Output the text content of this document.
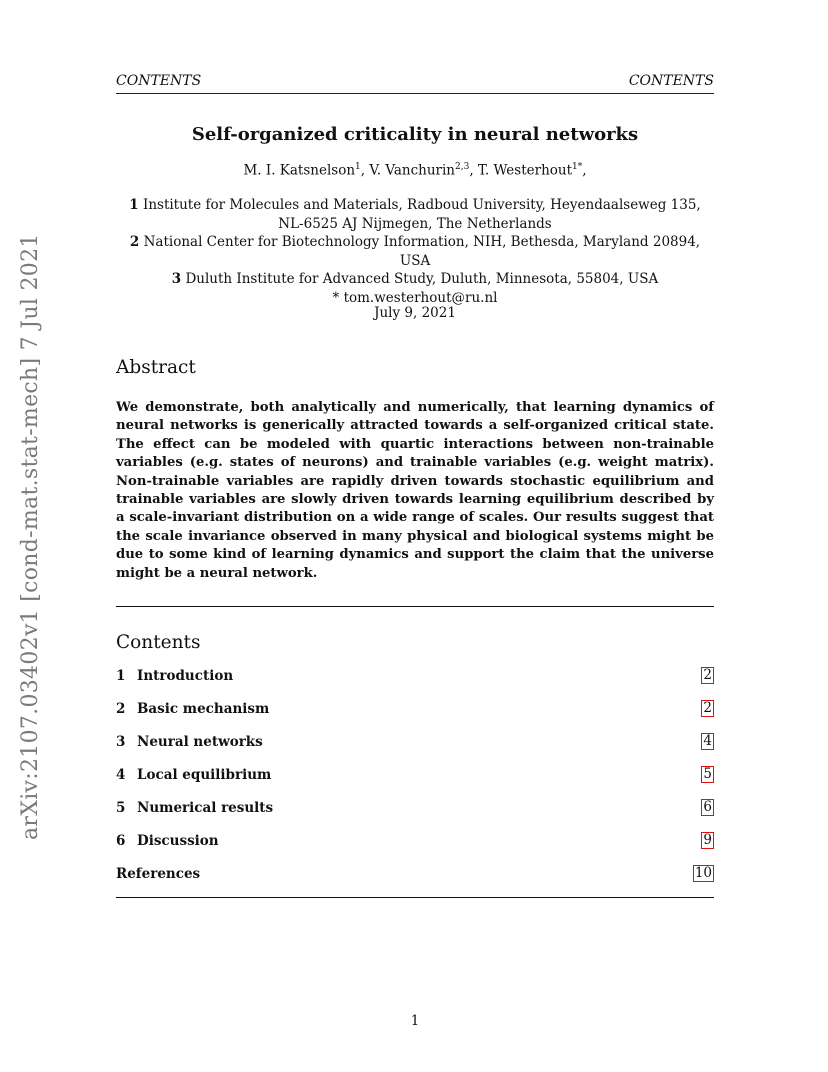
CONTENTS	CONTENTS
arXiv:2107.03402v1 [cond-mat.stat-mech] 7 Jul 2021
Self-organized criticality in neural networks
M. I. Katsnelson$^1$, V. Vanchurin$^{2,3}$, T. Westerhout$^{1*}$,
1 Institute for Molecules and Materials, Radboud University, Heyendaalseweg 135, NL-6525 AJ Nijmegen, The Netherlands
2 National Center for Biotechnology Information, NIH, Bethesda, Maryland 20894, USA
3 Duluth Institute for Advanced Study, Duluth, Minnesota, 55804, USA
* tom.westerhout@ru.nl
July 9, 2021
Abstract
We demonstrate, both analytically and numerically, that learning dynamics of neural networks is generically attracted towards a self-organized critical state. The effect can be modeled with quartic interactions between non-trainable variables (e.g. states of neurons) and trainable variables (e.g. weight matrix). Non-trainable variables are rapidly driven towards stochastic equilibrium and trainable variables are slowly driven towards learning equilibrium described by a scale-invariant distribution on a wide range of scales. Our results suggest that the scale invariance observed in many physical and biological systems might be due to some kind of learning dynamics and support the claim that the universe might be a neural network.
Contents
1 Introduction	2
2 Basic mechanism	2
3 Neural networks	4
4 Local equilibrium	5
5 Numerical results	6
6 Discussion	9
References	10
1
